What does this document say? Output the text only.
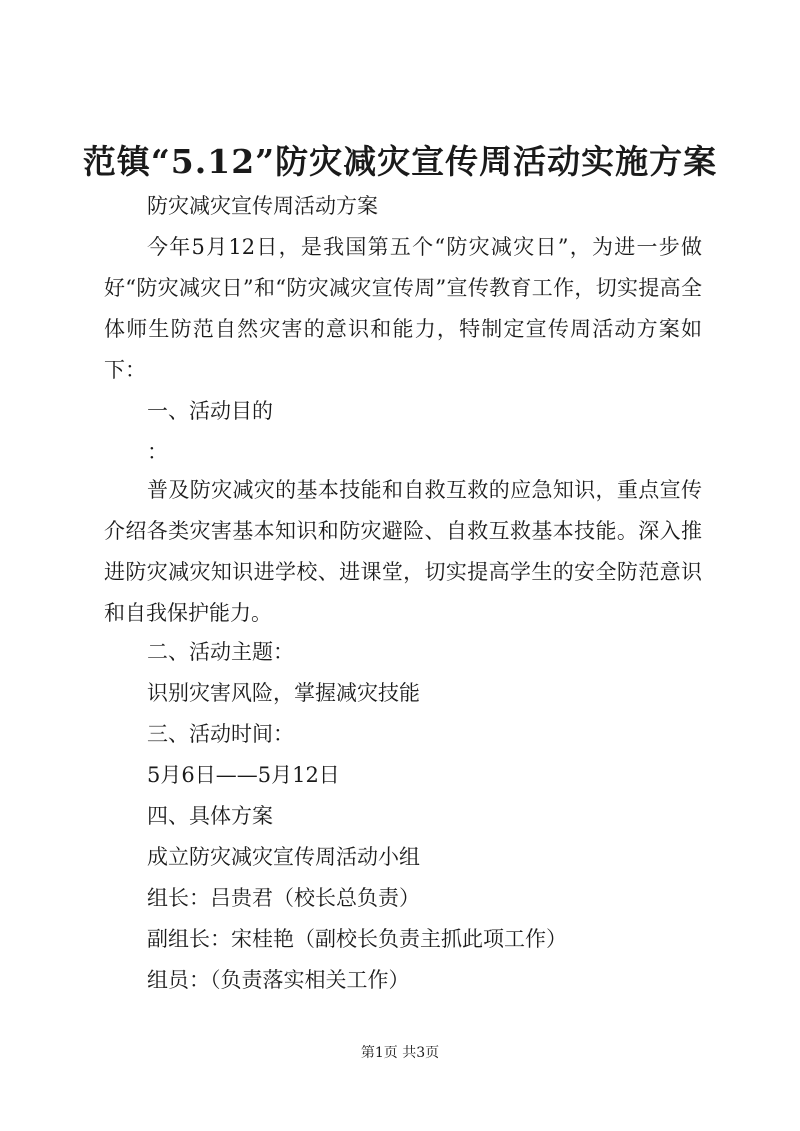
范镇“5.12”防灾减灾宣传周活动实施方案

防灾减灾宣传周活动方案

今年5月12日，是我国第五个“防灾减灾日”，为进一步做好“防灾减灾日”和“防灾减灾宣传周”宣传教育工作，切实提高全体师生防范自然灾害的意识和能力，特制定宣传周活动方案如下：

一、活动目的

：

普及防灾减灾的基本技能和自救互救的应急知识，重点宣传介绍各类灾害基本知识和防灾避险、自救互救基本技能。深入推进防灾减灾知识进学校、进课堂，切实提高学生的安全防范意识和自我保护能力。

二、活动主题：

识别灾害风险，掌握减灾技能

三、活动时间：

5月6日——5月12日

四、具体方案

成立防灾减灾宣传周活动小组

组长：吕贵君（校长总负责）

副组长：宋桂艳（副校长负责主抓此项工作）

组员：（负责落实相关工作）

第1页 共3页
